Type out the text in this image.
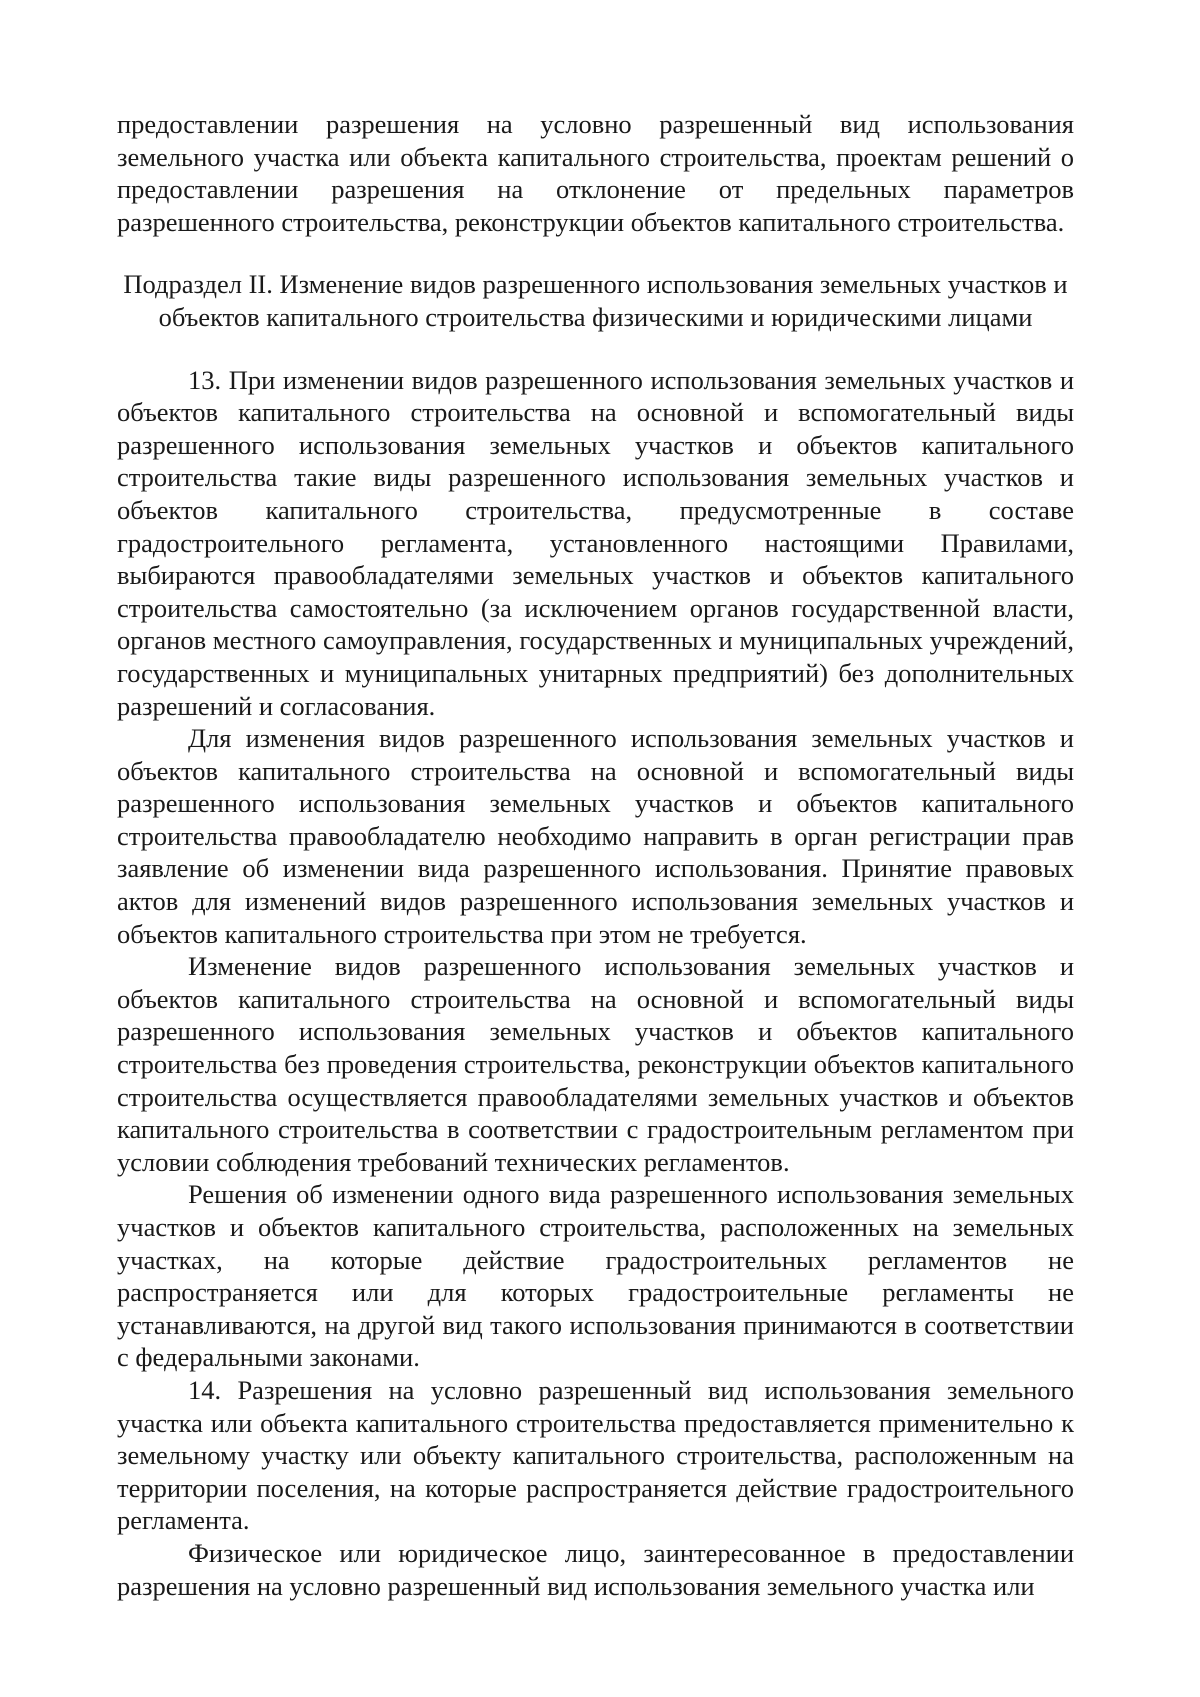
предоставлении разрешения на условно разрешенный вид использования земельного участка или объекта капитального строительства, проектам решений о предоставлении разрешения на отклонение от предельных параметров разрешенного строительства, реконструкции объектов капитального строительства.

Подраздел II. Изменение видов разрешенного использования земельных участков и
объектов капитального строительства физическими и юридическими лицами

13. При изменении видов разрешенного использования земельных участков и объектов капитального строительства на основной и вспомогательный виды разрешенного использования земельных участков и объектов капитального строительства такие виды разрешенного использования земельных участков и объектов капитального строительства, предусмотренные в составе градостроительного регламента, установленного настоящими Правилами, выбираются правообладателями земельных участков и объектов капитального строительства самостоятельно (за исключением органов государственной власти, органов местного самоуправления, государственных и муниципальных учреждений, государственных и муниципальных унитарных предприятий) без дополнительных разрешений и согласования.

Для изменения видов разрешенного использования земельных участков и объектов капитального строительства на основной и вспомогательный виды разрешенного использования земельных участков и объектов капитального строительства правообладателю необходимо направить в орган регистрации прав заявление об изменении вида разрешенного использования. Принятие правовых актов для изменений видов разрешенного использования земельных участков и объектов капитального строительства при этом не требуется.

Изменение видов разрешенного использования земельных участков и объектов капитального строительства на основной и вспомогательный виды разрешенного использования земельных участков и объектов капитального строительства без проведения строительства, реконструкции объектов капитального строительства осуществляется правообладателями земельных участков и объектов капитального строительства в соответствии с градостроительным регламентом при условии соблюдения требований технических регламентов.

Решения об изменении одного вида разрешенного использования земельных участков и объектов капитального строительства, расположенных на земельных участках, на которые действие градостроительных регламентов не распространяется или для которых градостроительные регламенты не устанавливаются, на другой вид такого использования принимаются в соответствии с федеральными законами.

14. Разрешения на условно разрешенный вид использования земельного участка или объекта капитального строительства предоставляется применительно к земельному участку или объекту капитального строительства, расположенным на территории поселения, на которые распространяется действие градостроительного регламента.

Физическое или юридическое лицо, заинтересованное в предоставлении разрешения на условно разрешенный вид использования земельного участка или
